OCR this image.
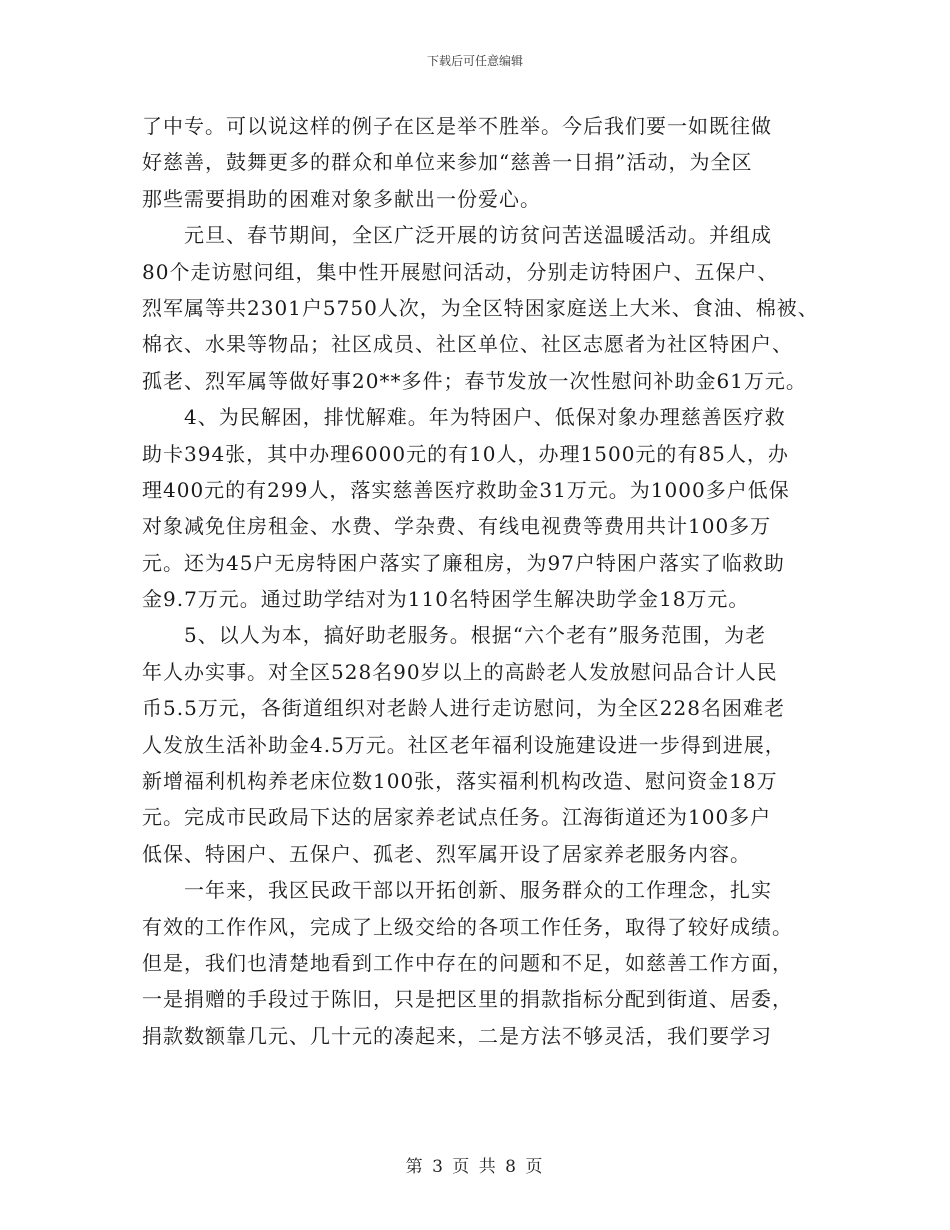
下载后可任意编辑
了中专。可以说这样的例子在区是举不胜举。今后我们要一如既往做
好慈善，鼓舞更多的群众和单位来参加“慈善一日捐”活动，为全区
那些需要捐助的困难对象多献出一份爱心。
　　元旦、春节期间，全区广泛开展的访贫问苦送温暖活动。并组成
80个走访慰问组，集中性开展慰问活动，分别走访特困户、五保户、
烈军属等共2301户5750人次，为全区特困家庭送上大米、食油、棉被、
棉衣、水果等物品；社区成员、社区单位、社区志愿者为社区特困户、
孤老、烈军属等做好事20**多件；春节发放一次性慰问补助金61万元。
　　4、为民解困，排忧解难。年为特困户、低保对象办理慈善医疗救
助卡394张，其中办理6000元的有10人，办理1500元的有85人，办
理400元的有299人，落实慈善医疗救助金31万元。为1000多户低保
对象减免住房租金、水费、学杂费、有线电视费等费用共计100多万
元。还为45户无房特困户落实了廉租房，为97户特困户落实了临救助
金9.7万元。通过助学结对为110名特困学生解决助学金18万元。
　　5、以人为本，搞好助老服务。根据“六个老有”服务范围，为老
年人办实事。对全区528名90岁以上的高龄老人发放慰问品合计人民
币5.5万元，各街道组织对老龄人进行走访慰问，为全区228名困难老
人发放生活补助金4.5万元。社区老年福利设施建设进一步得到进展，
新增福利机构养老床位数100张，落实福利机构改造、慰问资金18万
元。完成市民政局下达的居家养老试点任务。江海街道还为100多户
低保、特困户、五保户、孤老、烈军属开设了居家养老服务内容。
　　一年来，我区民政干部以开拓创新、服务群众的工作理念，扎实
有效的工作作风，完成了上级交给的各项工作任务，取得了较好成绩。
但是，我们也清楚地看到工作中存在的问题和不足，如慈善工作方面，
一是捐赠的手段过于陈旧，只是把区里的捐款指标分配到街道、居委，
捐款数额靠几元、几十元的凑起来，二是方法不够灵活，我们要学习
第 3 页 共 8 页
